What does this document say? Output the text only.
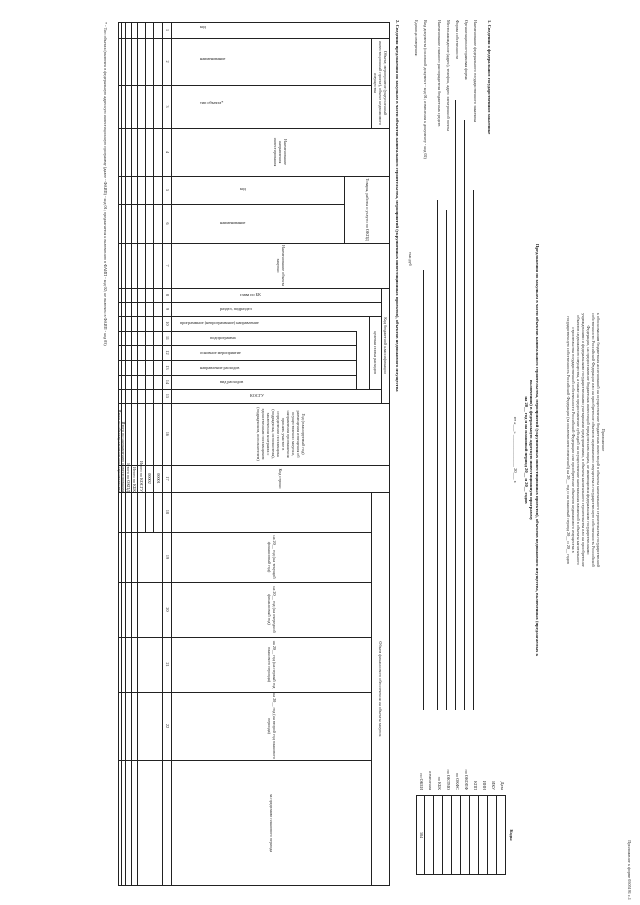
Приложение к форме 0505191 с.1
Приложение
к обоснованиям бюджетных ассигнований на осуществление бюджетных инвестиций в объекты капитального строительства государственной
собственности Российской Федерации или на приобретение объектов недвижимого имущества в государственную собственность Российской
Федерации, на предоставление бюджетных инвестиций юридическим лицам, не являющимся федеральными государственными
учреждениями и федеральными государственными унитарными предприятиями, в объекты капитального строительства или на приобретение
объектов недвижимого имущества, а также на предоставление субсидий на осуществление капитальных вложений в объекты капитального
строительства государственной собственности Российской Федерации или приобретение объектов недвижимого имущества в
государственную собственность Российской Федерации (за исключением изменений) на 20__ год и на плановый период 20__ и 20__ годов
Предложения по закупкам в части объектов капитального строительства, мероприятий (укрупненных инвестиционных проектов), объектов недвижимого имущества, включенных (предлагаемых к
включению) в федеральную адресную инвестиционную программу
на 20__ год и на плановый период 20__ и 20__ годов
от «___» ______________ 20___ г.
Коды
Дата
ИКУ
ИНН
КПП
по ОКОПФ
по ОКФС
по ОКТМО
по КБК
изменения
по ОКЕИ
384
1. Сведения о федеральном государственном заказчике
Наименование федерального государственного заказчика
Организационно-правовая форма
Форма собственности
Местонахождение (адрес), телефон, адрес электронной почты
Наименование главного распорядителя бюджетных средств
Вид документа (основной документ - код 01; изменения к документу - код 02)
Единица измерения:
тыс.руб
2. Сведения предложения по закупкам в части объектов капитального строительства, мероприятий (укрупненных инвестиционных проектов), объектов недвижимого имущества
Объект, мероприятие (укрупненный инвестиционный проект), объект недвижимого имущества
Наименование направления инвестирования
Товары, работы и услуги по ОКПД
Наименование объекта закупки
Код бюджетной классификации
целевая статья расходов
Год (планируемый год) размещения извещения об осуществлении закупки, направления приглашения принять участие в определении поставщика (подрядчика, исполнителя), заключения контракта с единственным поставщиком (подрядчиком, исполнителем)
Код строки
Объем финансового обеспечения на объекты закупок
на 20__ год (на текущий финансовый год)
на 20__ год (на очередной финансовый год)
на 20__ год (на первый год планового периода)
на 20__ год (на второй год планового периода)
за пределами планового периода
код
наименование
тип объекта*
код
наименование
глава по БК
раздел, подраздел
программное (непрограммное) направление
подпрограмма
основное мероприятие
направление расходов
вид расходов
КОСГУ
1
2
3
4
5
6
7
8
9
10
11
12
13
14
15
16
17
18
19
20
21
22
00001
00002
Итого по КОСГУ
Итого по КБК
Итого по ОКПД
Итого по направлению инвестирования
Итого по объекту капитального строительства
* - Тип объекта (включен в федеральную адресную инвестиционную программу (далее - ФАИП) - код 01; предлагается к включению в ФАИП - код 02; не включен в ФАИП - код 03)
